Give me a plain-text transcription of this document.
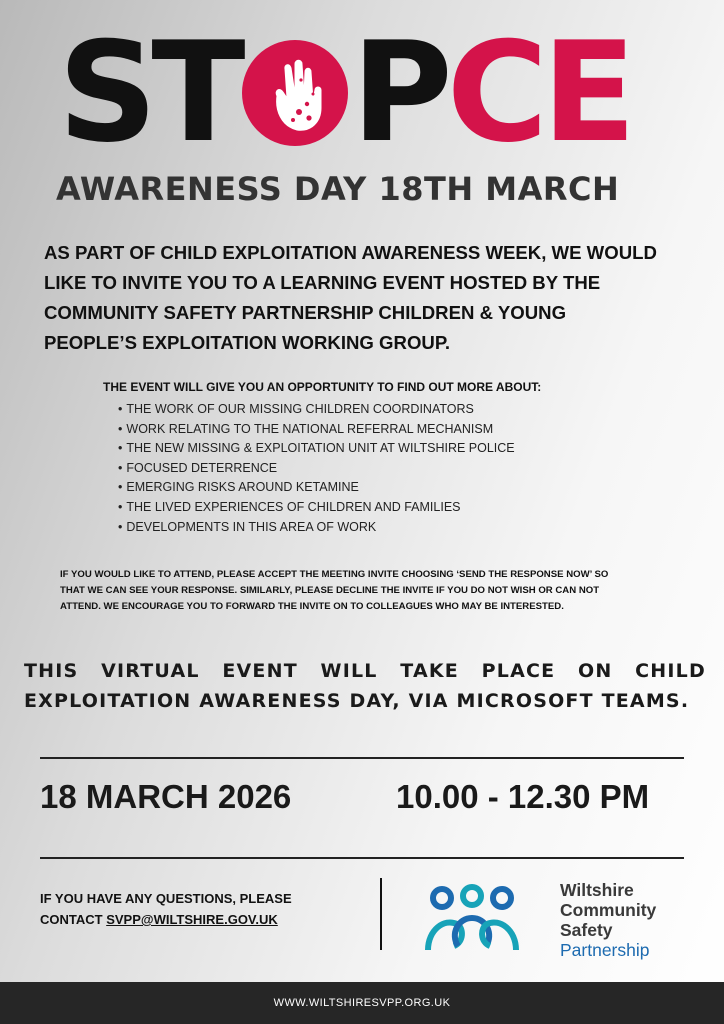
ST P CE
AWARENESS DAY 18TH MARCH
AS PART OF CHILD EXPLOITATION AWARENESS WEEK, WE WOULD
LIKE TO INVITE YOU TO A LEARNING EVENT HOSTED BY THE
COMMUNITY SAFETY PARTNERSHIP CHILDREN & YOUNG
PEOPLE’S EXPLOITATION WORKING GROUP.
THE EVENT WILL GIVE YOU AN OPPORTUNITY TO FIND OUT MORE ABOUT:
• THE WORK OF OUR MISSING CHILDREN COORDINATORS
• WORK RELATING TO THE NATIONAL REFERRAL MECHANISM
• THE NEW MISSING & EXPLOITATION UNIT AT WILTSHIRE POLICE
• FOCUSED DETERRENCE
• EMERGING RISKS AROUND KETAMINE
• THE LIVED EXPERIENCES OF CHILDREN AND FAMILIES
• DEVELOPMENTS IN THIS AREA OF WORK
IF YOU WOULD LIKE TO ATTEND, PLEASE ACCEPT THE MEETING INVITE CHOOSING ‘SEND THE RESPONSE NOW’ SO
THAT WE CAN SEE YOUR RESPONSE. SIMILARLY, PLEASE DECLINE THE INVITE IF YOU DO NOT WISH OR CAN NOT
ATTEND. WE ENCOURAGE YOU TO FORWARD THE INVITE ON TO COLLEAGUES WHO MAY BE INTERESTED.
THIS VIRTUAL EVENT WILL TAKE PLACE ON CHILD
EXPLOITATION AWARENESS DAY, VIA MICROSOFT TEAMS.
18 MARCH 2026	10.00 - 12.30 PM
IF YOU HAVE ANY QUESTIONS, PLEASE
CONTACT SVPP@WILTSHIRE.GOV.UK
Wiltshire
Community
Safety
Partnership
WWW.WILTSHIRESVPP.ORG.UK
